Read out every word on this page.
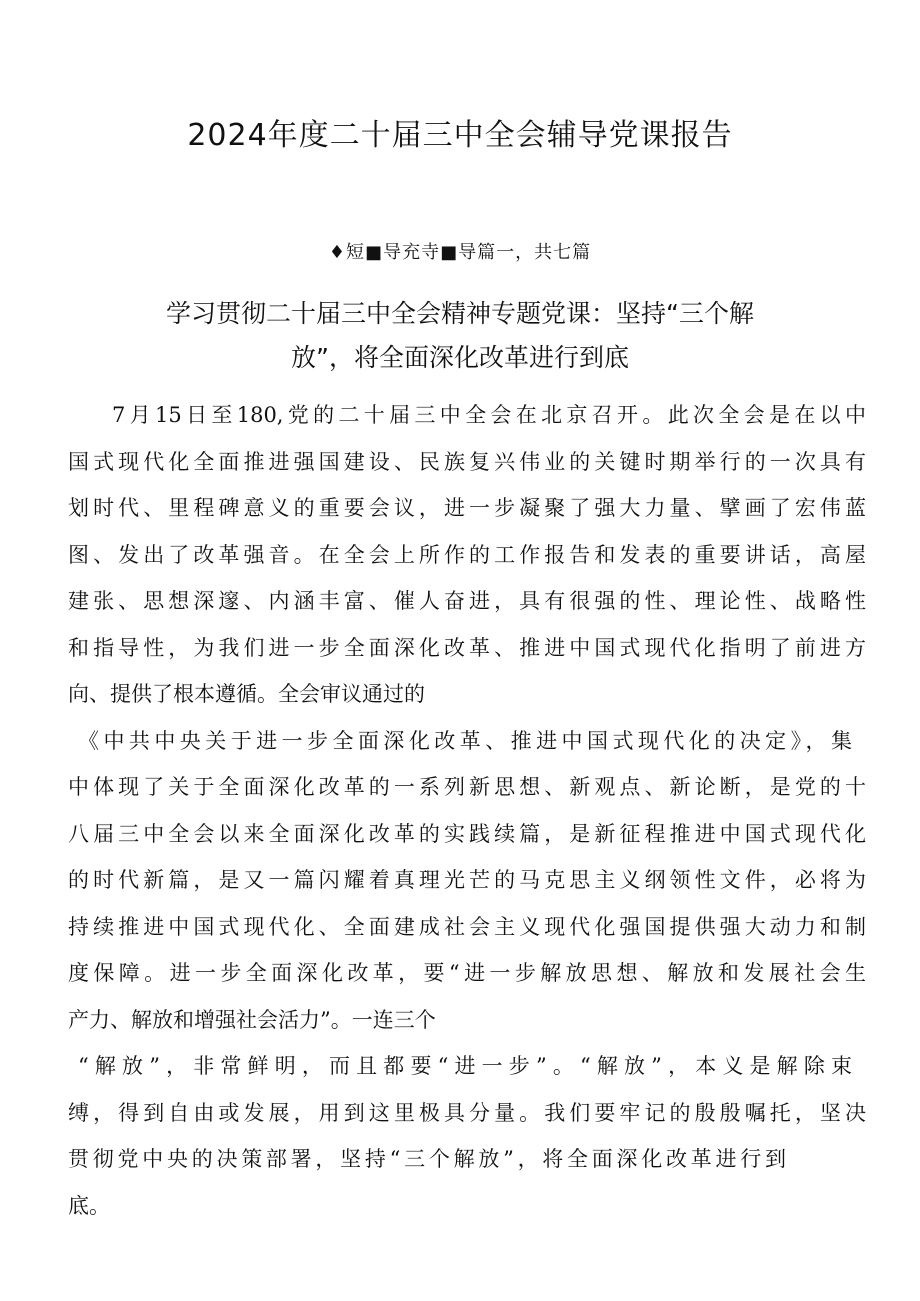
2024年度二十届三中全会辅导党课报告
♦短■导充寺■导篇一，共七篇
学习贯彻二十届三中全会精神专题党课：坚持“三个解
放”，将全面深化改革进行到底
7月15日至180,党的二十届三中全会在北京召开。此次全会是在以中
国式现代化全面推进强国建设、民族复兴伟业的关键时期举行的一次具有
划时代、里程碑意义的重要会议，进一步凝聚了强大力量、擘画了宏伟蓝
图、发出了改革强音。在全会上所作的工作报告和发表的重要讲话，高屋
建张、思想深邃、内涵丰富、催人奋进，具有很强的性、理论性、战略性
和指导性，为我们进一步全面深化改革、推进中国式现代化指明了前进方
向、提供了根本遵循。全会审议通过的
《中共中央关于进一步全面深化改革、推进中国式现代化的决定》，集
中体现了关于全面深化改革的一系列新思想、新观点、新论断，是党的十
八届三中全会以来全面深化改革的实践续篇，是新征程推进中国式现代化
的时代新篇，是又一篇闪耀着真理光芒的马克思主义纲领性文件，必将为
持续推进中国式现代化、全面建成社会主义现代化强国提供强大动力和制
度保障。进一步全面深化改革，要“进一步解放思想、解放和发展社会生
产力、解放和增强社会活力”。一连三个
“解放”，非常鲜明，而且都要“进一步”。“解放”，本义是解除束
缚，得到自由或发展，用到这里极具分量。我们要牢记的殷殷嘱托，坚决
贯彻党中央的决策部署，坚持“三个解放”，将全面深化改革进行到
底。
